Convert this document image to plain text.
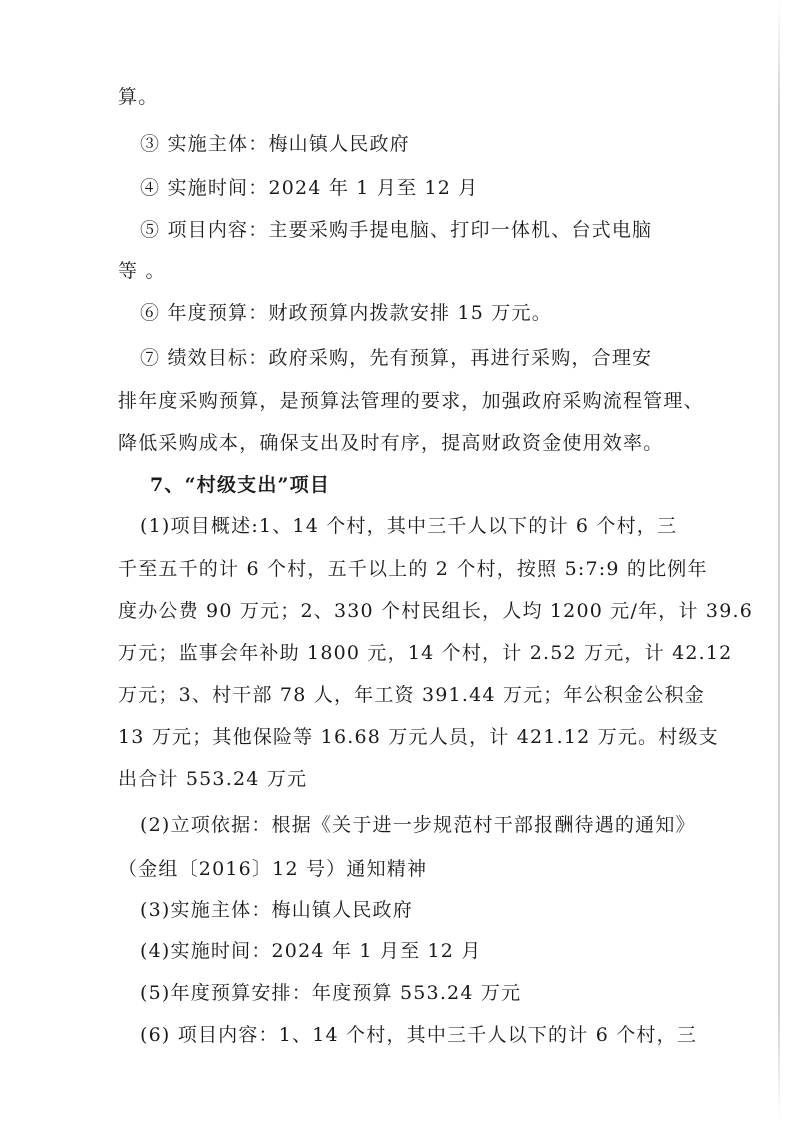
算。
③ 实施主体：梅山镇人民政府
④ 实施时间：2024 年 1 月至 12 月
⑤ 项目内容：主要采购手提电脑、打印一体机、台式电脑
等 。
⑥ 年度预算：财政预算内拨款安排 15 万元。
⑦ 绩效目标：政府采购，先有预算，再进行采购，合理安
排年度采购预算，是预算法管理的要求，加强政府采购流程管理、
降低采购成本，确保支出及时有序，提高财政资金使用效率。
7、“村级支出”项目
(1)项目概述:1、14 个村，其中三千人以下的计 6 个村，三
千至五千的计 6 个村，五千以上的 2 个村，按照 5:7:9 的比例年
度办公费 90 万元；2、330 个村民组长，人均 1200 元/年，计 39.6
万元；监事会年补助 1800 元，14 个村，计 2.52 万元，计 42.12
万元；3、村干部 78 人，年工资 391.44 万元；年公积金公积金
13 万元；其他保险等 16.68 万元人员，计 421.12 万元。村级支
出合计 553.24 万元
(2)立项依据：根据《关于进一步规范村干部报酬待遇的通知》
（金组〔2016〕12 号）通知精神
(3)实施主体：梅山镇人民政府
(4)实施时间：2024 年 1 月至 12 月
(5)年度预算安排：年度预算 553.24 万元
(6) 项目内容：1、14 个村，其中三千人以下的计 6 个村，三
